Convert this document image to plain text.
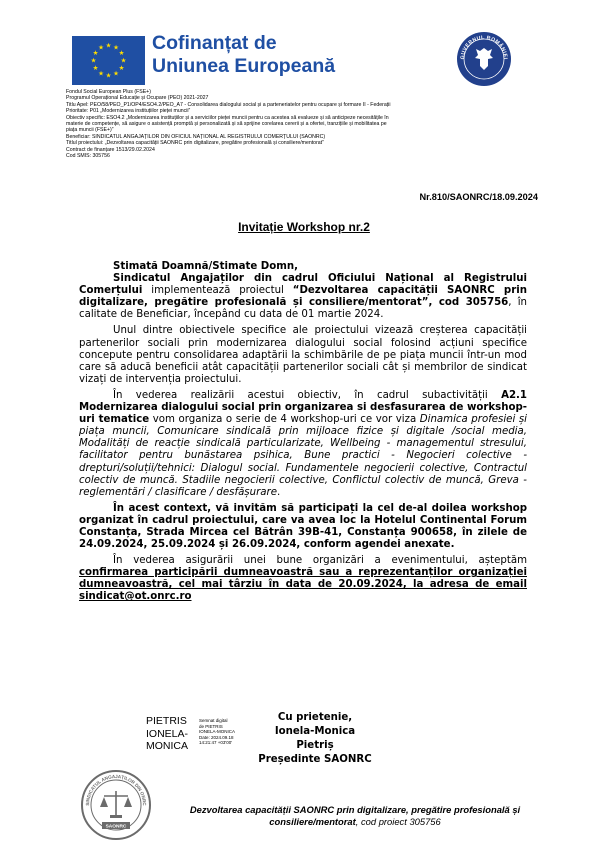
★ ★
★
★
★
★
★
★
★
★
★
★ Cofinanțat de
Uniunea Europeană	GUVERNUL ROMÂNIEI
Fondul Social European Plus (FSE+)
Programul Operațional Educație și Ocupare (PEO) 2021-2027
Titlu Apel: PEO/58/PEO_P1/OP4/ESO4.2/PEO_A7 - Consolidarea dialogului social și a parteneriatelor pentru ocupare și formare II - Federații
Prioritate: P01 „Modernizarea instituțiilor pieței muncii”
Obiectiv specific: ESO4.2 „Modernizarea instituțiilor și a serviciilor pieței muncii pentru ca acestea să evalueze și să anticipeze necesitățile în
materie de competențe, să asigure o asistență promptă și personalizată și să sprijine corelarea cererii și a ofertei, tranzițiile și mobilitatea pe
piața muncii (FSE+)”
Beneficiar: SINDICATUL ANGAJAȚILOR DIN OFICIUL NAȚIONAL AL REGISTRULUI COMERȚULUI (SAONRC)
Titlul proiectului: „Dezvoltarea capacității SAONRC prin digitalizare, pregătire profesională și consiliere/mentorat”
Contract de finanțare 1513/29.02.2024
Cod SMIS: 305756
Nr.810/SAONRC/18.09.2024
Invitație Workshop nr.2

Stimată Doamnă/Stimate Domn,

Sindicatul Angajaților din cadrul Oficiului Național al Registrului Comerțului implementează proiectul “Dezvoltarea capacității SAONRC prin digitalizare, pregătire profesională și consiliere/mentorat”, cod 305756, în calitate de Beneficiar, începând cu data de 01 martie 2024.

Unul dintre obiectivele specifice ale proiectului vizează creșterea capacității partenerilor sociali prin modernizarea dialogului social folosind acțiuni specifice concepute pentru consolidarea adaptării la schimbările de pe piața muncii într-un mod care să aducă beneficii atât capacității partenerilor sociali cât și membrilor de sindicat vizați de intervenția proiectului.

În vederea realizării acestui obiectiv, în cadrul subactivității A2.1 Modernizarea dialogului social prin organizarea si desfasurarea de workshop-uri tematice vom organiza o serie de 4 workshop-uri ce vor viza Dinamica profesiei și piața muncii, Comunicare sindicală prin mijloace fizice și digitale /social media, Modalități de reacție sindicală particularizate, Wellbeing - managementul stresului, facilitator pentru bunăstarea psihica, Bune practici - Negocieri colective - drepturi/soluții/tehnici: Dialogul social. Fundamentele negocierii colective, Contractul colectiv de muncă. Stadiile negocierii colective, Conflictul colectiv de muncă, Greva - reglementări / clasificare / desfășurare.

În acest context, vă invităm să participați la cel de-al doilea workshop organizat în cadrul proiectului, care va avea loc la Hotelul Continental Forum Constanța, Strada Mircea cel Bătrân 39B-41, Constanța 900658, în zilele de 24.09.2024, 25.09.2024 și 26.09.2024, conform agendei anexate.

În vederea asigurării unei bune organizări a evenimentului, așteptăm confirmarea participării dumneavoastră sau a reprezentanților organizației dumneavoastră, cel mai târziu în data de 20.09.2024, la adresa de email sindicat@ot.onrc.ro

PIETRIS
IONELA-
MONICA
Semnat digital
de PIETRIS
IONELA-MONICA
Date: 2024.09.18
14:21:47 +03'00'
Cu prietenie,
Ionela-Monica Pietriș
Președinte SAONRC
SINDICATUL ANGAJAȚILOR DIN ONRC
SAONRC
Dezvoltarea capacității SAONRC prin digitalizare, pregătire profesională și consiliere/mentorat, cod proiect 305756
